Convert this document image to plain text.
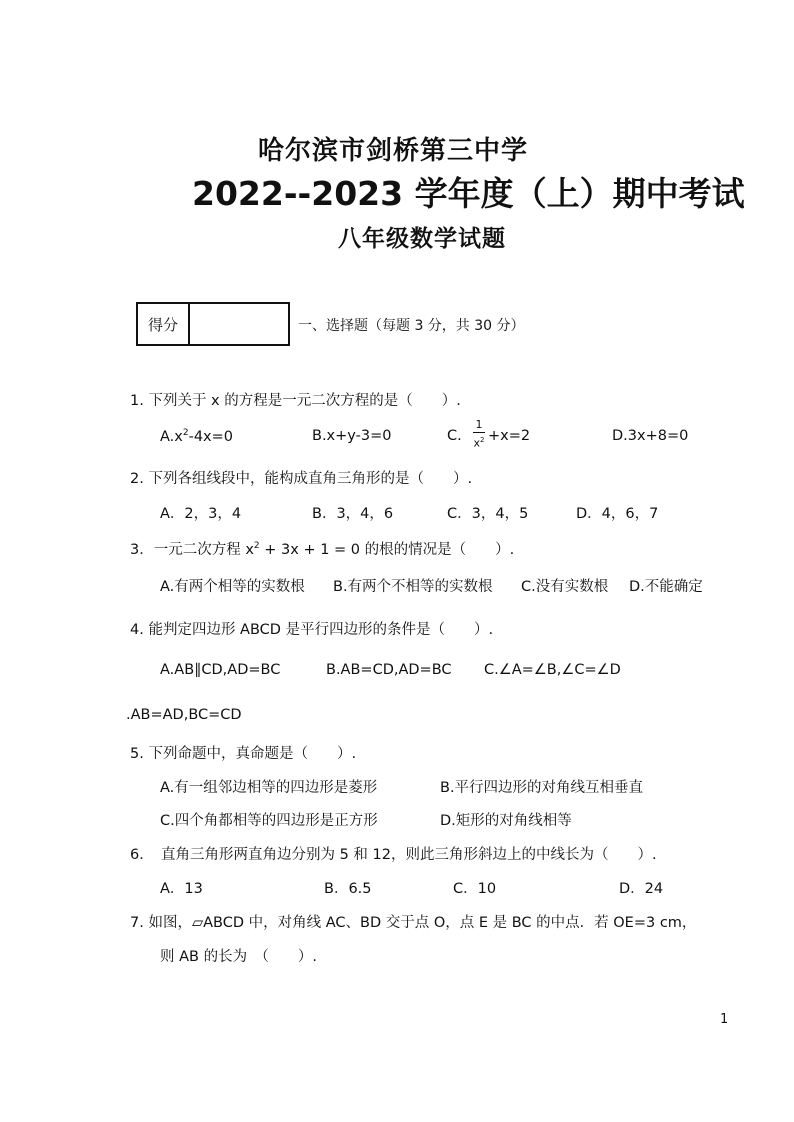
哈尔滨市剑桥第三中学
2022--2023 学年度（上）期中考试
八年级数学试题
得分	一、选择题（每题 3 分，共 30 分）
1. 下列关于 x 的方程是一元二次方程的是（　　）.
$A.x^2-4x=0$	B.x+y-3=0	C.
1
$x^2 +x=2$	D.3x+8=0
2. 下列各组线段中，能构成直角三角形的是（　　）.
A．2，3，4	B．3，4，6	C．3，4，5	D．4，6，7
3．一元二次方程 $x^2 + 3x + 1 = 0$ 的根的情况是（　　）.
A.有两个相等的实数根 B.有两个不相等的实数根 C.没有实数根 D.不能确定
4. 能判定四边形 ABCD 是平行四边形的条件是（　　）.
A.AB∥CD,AD=BC	B.AB=CD,AD=BC C.∠A=∠B,∠C=∠D
.AB=AD,BC=CD
5. 下列命题中，真命题是（　　）.
A.有一组邻边相等的四边形是菱形	B.平行四边形的对角线互相垂直
C.四个角都相等的四边形是正方形	D.矩形的对角线相等
6．　直角三角形两直角边分别为 5 和 12，则此三角形斜边上的中线长为（　　）.
A．13	B．6.5	C．10	D．24
7. 如图，▱ABCD 中，对角线 AC、BD 交于点 O，点 E 是 BC 的中点．若 OE=3 cm，
则 AB 的长为　（　　）.
1
